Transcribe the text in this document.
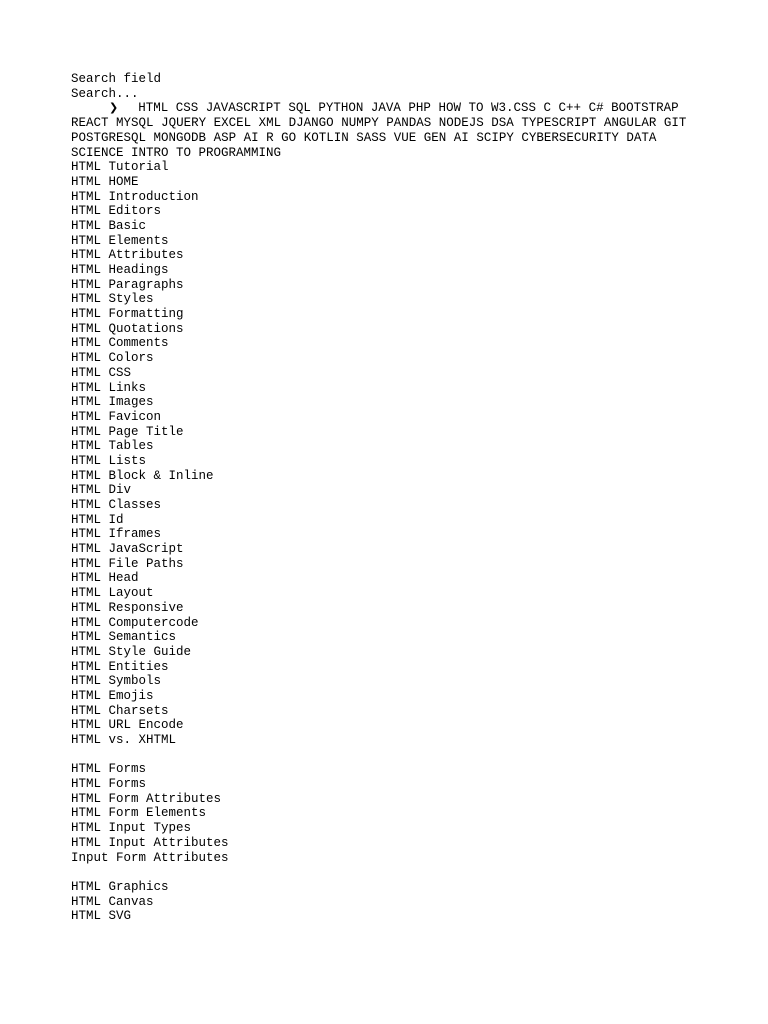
Search field
Search...
❯ HTML CSS JAVASCRIPT SQL PYTHON JAVA PHP HOW TO W3.CSS C C++ C# BOOTSTRAP REACT MYSQL JQUERY EXCEL XML DJANGO NUMPY PANDAS NODEJS DSA TYPESCRIPT ANGULAR GIT POSTGRESQL MONGODB ASP AI R GO KOTLIN SASS VUE GEN AI SCIPY CYBERSECURITY DATA SCIENCE INTRO TO PROGRAMMING
HTML Tutorial
HTML HOME
HTML Introduction
HTML Editors
HTML Basic
HTML Elements
HTML Attributes
HTML Headings
HTML Paragraphs
HTML Styles
HTML Formatting
HTML Quotations
HTML Comments
HTML Colors
HTML CSS
HTML Links
HTML Images
HTML Favicon
HTML Page Title
HTML Tables
HTML Lists
HTML Block & Inline
HTML Div
HTML Classes
HTML Id
HTML Iframes
HTML JavaScript
HTML File Paths
HTML Head
HTML Layout
HTML Responsive
HTML Computercode
HTML Semantics
HTML Style Guide
HTML Entities
HTML Symbols
HTML Emojis
HTML Charsets
HTML URL Encode
HTML vs. XHTML
HTML Forms
HTML Forms
HTML Form Attributes
HTML Form Elements
HTML Input Types
HTML Input Attributes
Input Form Attributes
HTML Graphics
HTML Canvas
HTML SVG
